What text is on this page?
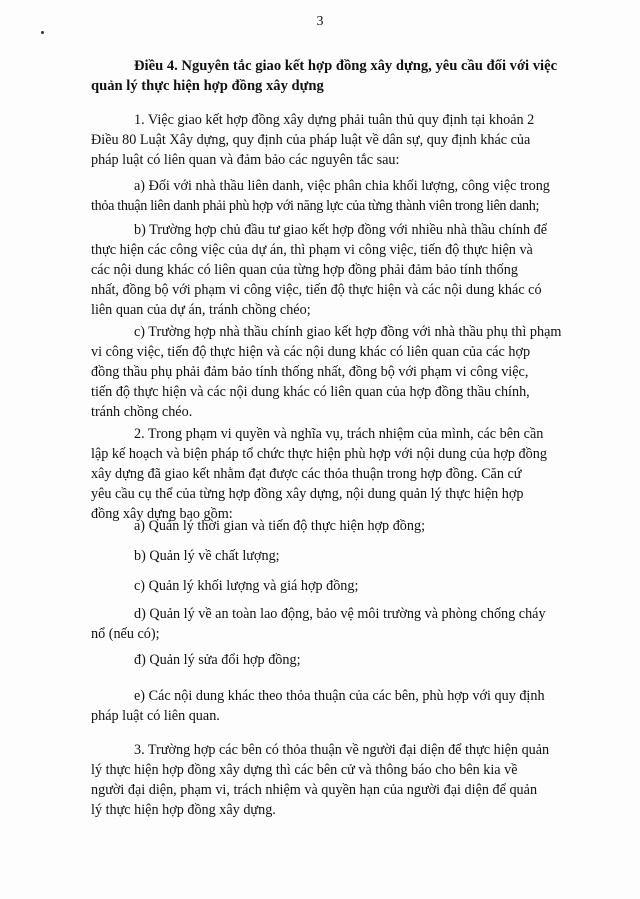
3
Điều 4. Nguyên tắc giao kết hợp đồng xây dựng, yêu cầu đối với việc
quản lý thực hiện hợp đồng xây dựng
1. Việc giao kết hợp đồng xây dựng phải tuân thủ quy định tại khoản 2
Điều 80 Luật Xây dựng, quy định của pháp luật về dân sự, quy định khác của
pháp luật có liên quan và đảm bảo các nguyên tắc sau:
a) Đối với nhà thầu liên danh, việc phân chia khối lượng, công việc trong
thỏa thuận liên danh phải phù hợp với năng lực của từng thành viên trong liên danh;
b) Trường hợp chủ đầu tư giao kết hợp đồng với nhiều nhà thầu chính để
thực hiện các công việc của dự án, thì phạm vi công việc, tiến độ thực hiện và
các nội dung khác có liên quan của từng hợp đồng phải đảm bảo tính thống
nhất, đồng bộ với phạm vi công việc, tiến độ thực hiện và các nội dung khác có
liên quan của dự án, tránh chồng chéo;
c) Trường hợp nhà thầu chính giao kết hợp đồng với nhà thầu phụ thì phạm
vi công việc, tiến độ thực hiện và các nội dung khác có liên quan của các hợp
đồng thầu phụ phải đảm bảo tính thống nhất, đồng bộ với phạm vi công việc,
tiến độ thực hiện và các nội dung khác có liên quan của hợp đồng thầu chính,
tránh chồng chéo.
2. Trong phạm vi quyền và nghĩa vụ, trách nhiệm của mình, các bên cần
lập kế hoạch và biện pháp tổ chức thực hiện phù hợp với nội dung của hợp đồng
xây dựng đã giao kết nhằm đạt được các thỏa thuận trong hợp đồng. Căn cứ
yêu cầu cụ thể của từng hợp đồng xây dựng, nội dung quản lý thực hiện hợp
đồng xây dựng bao gồm:
a) Quản lý thời gian và tiến độ thực hiện hợp đồng;
b) Quản lý về chất lượng;
c) Quản lý khối lượng và giá hợp đồng;
d) Quản lý về an toàn lao động, bảo vệ môi trường và phòng chống cháy
nổ (nếu có);
đ) Quản lý sửa đổi hợp đồng;
e) Các nội dung khác theo thỏa thuận của các bên, phù hợp với quy định
pháp luật có liên quan.
3. Trường hợp các bên có thỏa thuận về người đại diện để thực hiện quản
lý thực hiện hợp đồng xây dựng thì các bên cử và thông báo cho bên kia về
người đại diện, phạm vi, trách nhiệm và quyền hạn của người đại diện để quản
lý thực hiện hợp đồng xây dựng.
